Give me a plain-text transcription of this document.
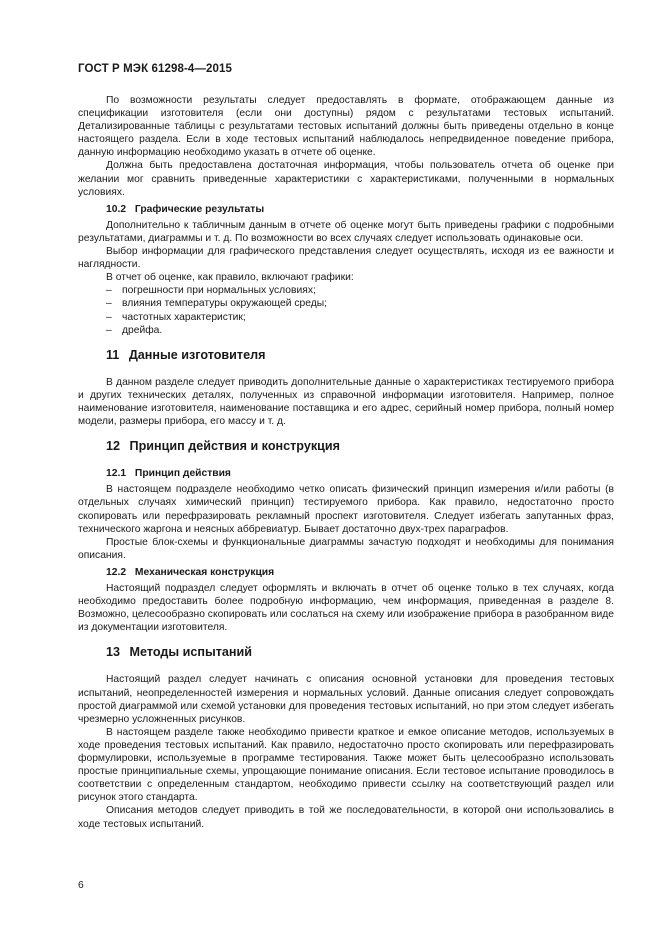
ГОСТ Р МЭК 61298-4—2015

По возможности результаты следует предоставлять в формате, отображающем данные из спецификации изготовителя (если они доступны) рядом с результатами тестовых испытаний. Детализированные таблицы с результатами тестовых испытаний должны быть приведены отдельно в конце настоящего раздела. Если в ходе тестовых испытаний наблюдалось непредвиденное поведение прибора, данную информацию необходимо указать в отчете об оценке.

Должна быть предоставлена достаточная информация, чтобы пользователь отчета об оценке при желании мог сравнить приведенные характеристики с характеристиками, полученными в нормальных условиях.

10.2 Графические результаты

Дополнительно к табличным данным в отчете об оценке могут быть приведены графики с подробными результатами, диаграммы и т. д. По возможности во всех случаях следует использовать одинаковые оси.

Выбор информации для графического представления следует осуществлять, исходя из ее важности и наглядности.

В отчет об оценке, как правило, включают графики:

– погрешности при нормальных условиях;
– влияния температуры окружающей среды;
– частотных характеристик;
– дрейфа.
11 Данные изготовителя

В данном разделе следует приводить дополнительные данные о характеристиках тестируемого прибора и других технических деталях, полученных из справочной информации изготовителя. Например, полное наименование изготовителя, наименование поставщика и его адрес, серийный номер прибора, полный номер модели, размеры прибора, его массу и т. д.

12 Принцип действия и конструкция
12.1 Принцип действия

В настоящем подразделе необходимо четко описать физический принцип измерения и/или работы (в отдельных случаях химический принцип) тестируемого прибора. Как правило, недостаточно просто скопировать или перефразировать рекламный проспект изготовителя. Следует избегать запутанных фраз, технического жаргона и неясных аббревиатур. Бывает достаточно двух-трех параграфов.

Простые блок-схемы и функциональные диаграммы зачастую подходят и необходимы для понимания описания.

12.2 Механическая конструкция

Настоящий подраздел следует оформлять и включать в отчет об оценке только в тех случаях, когда необходимо предоставить более подробную информацию, чем информация, приведенная в разделе 8. Возможно, целесообразно скопировать или сослаться на схему или изображение прибора в разобранном виде из документации изготовителя.

13 Методы испытаний

Настоящий раздел следует начинать с описания основной установки для проведения тестовых испытаний, неопределенностей измерения и нормальных условий. Данные описания следует сопровождать простой диаграммой или схемой установки для проведения тестовых испытаний, но при этом следует избегать чрезмерно усложненных рисунков.

В настоящем разделе также необходимо привести краткое и емкое описание методов, используемых в ходе проведения тестовых испытаний. Как правило, недостаточно просто скопировать или перефразировать формулировки, используемые в программе тестирования. Также может быть целесообразно использовать простые принципиальные схемы, упрощающие понимание описания. Если тестовое испытание проводилось в соответствии с определенным стандартом, необходимо привести ссылку на соответствующий раздел или рисунок этого стандарта.

Описания методов следует приводить в той же последовательности, в которой они использовались в ходе тестовых испытаний.

6
